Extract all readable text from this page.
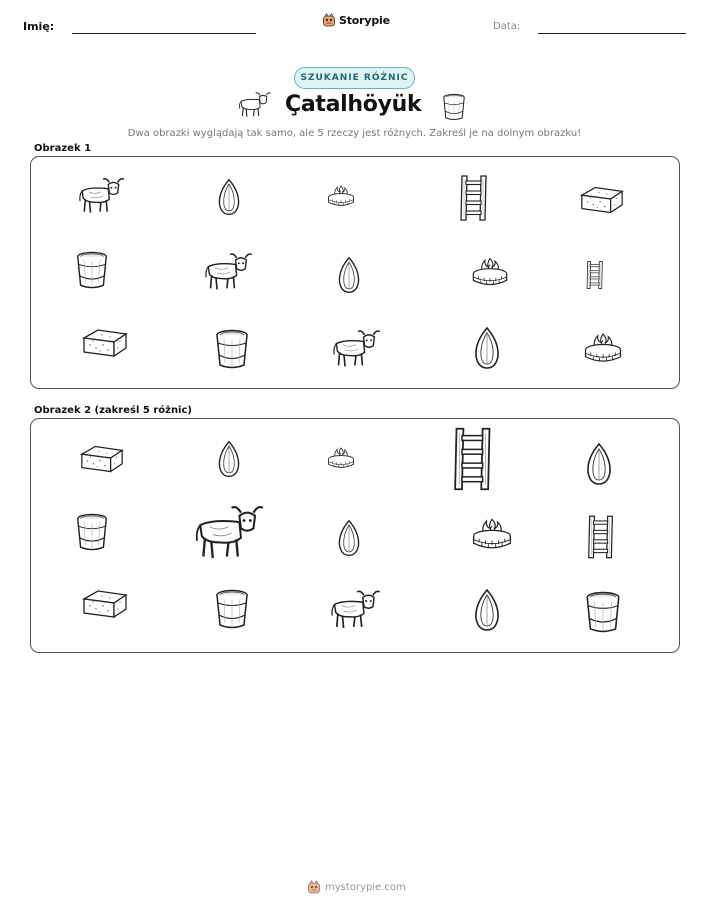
Imię:	Storypie	Data:
SZUKANIE RÓŻNIC
Çatalhöyük
Dwa obrazki wyglądają tak samo, ale 5 rzeczy jest różnych. Zakreśl je na dolnym obrazku!
Obrazek 1
Obrazek 2 (zakreśl 5 różnic)
mystorypie.com
